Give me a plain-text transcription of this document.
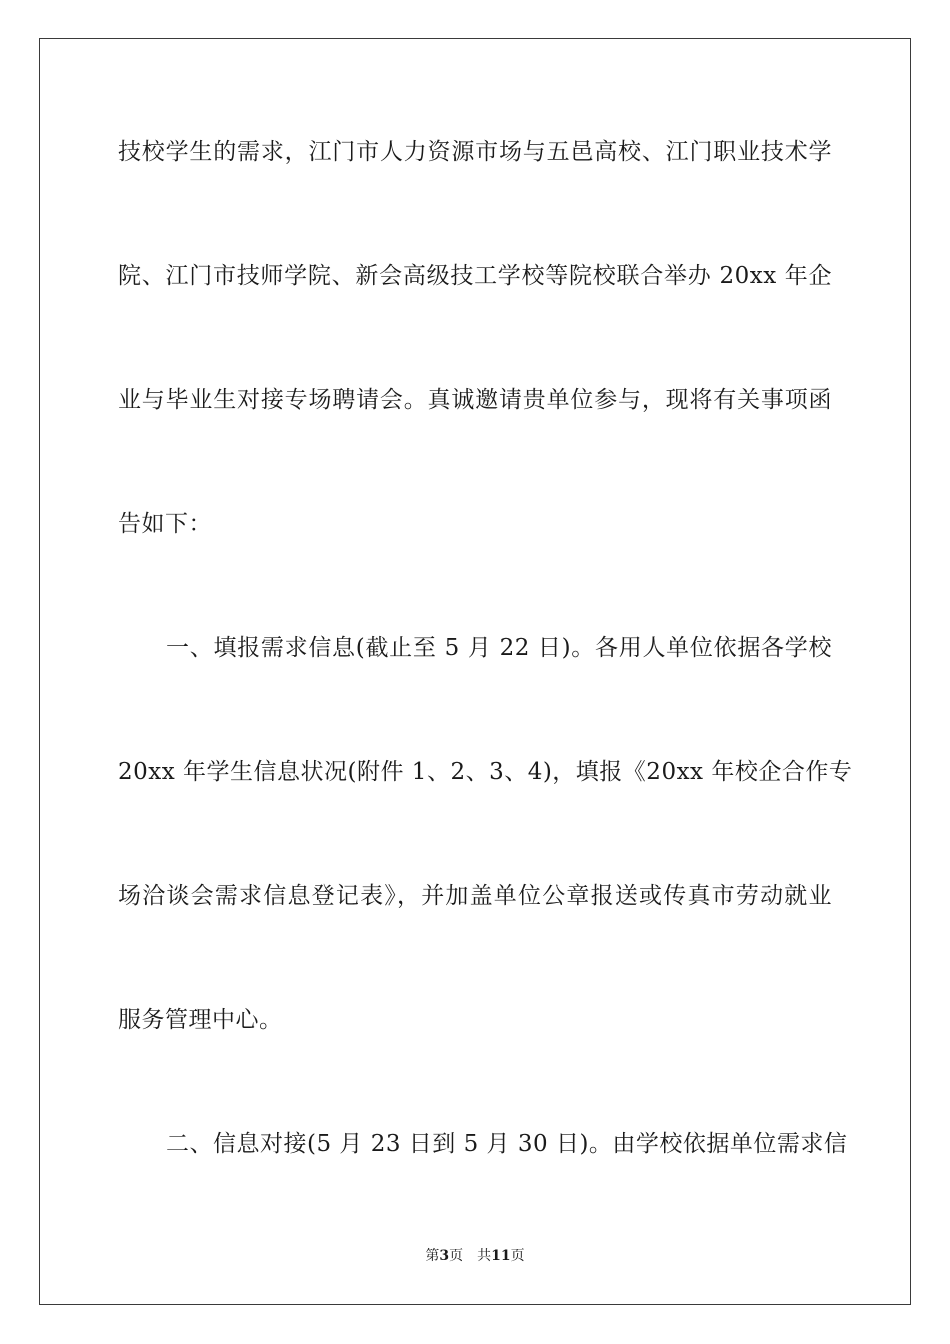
技校学生的需求，江门市人力资源市场与五邑高校、江门职业技术学
院、江门市技师学院、新会高级技工学校等院校联合举办 20xx 年企
业与毕业生对接专场聘请会。真诚邀请贵单位参与，现将有关事项函
告如下：
一、填报需求信息(截止至 5 月 22 日)。各用人单位依据各学校
20xx 年学生信息状况(附件 1、2、3、4)，填报《20xx 年校企合作专
场洽谈会需求信息登记表》，并加盖单位公章报送或传真市劳动就业
服务管理中心。
二、信息对接(5 月 23 日到 5 月 30 日)。由学校依据单位需求信
第3页 共11页
